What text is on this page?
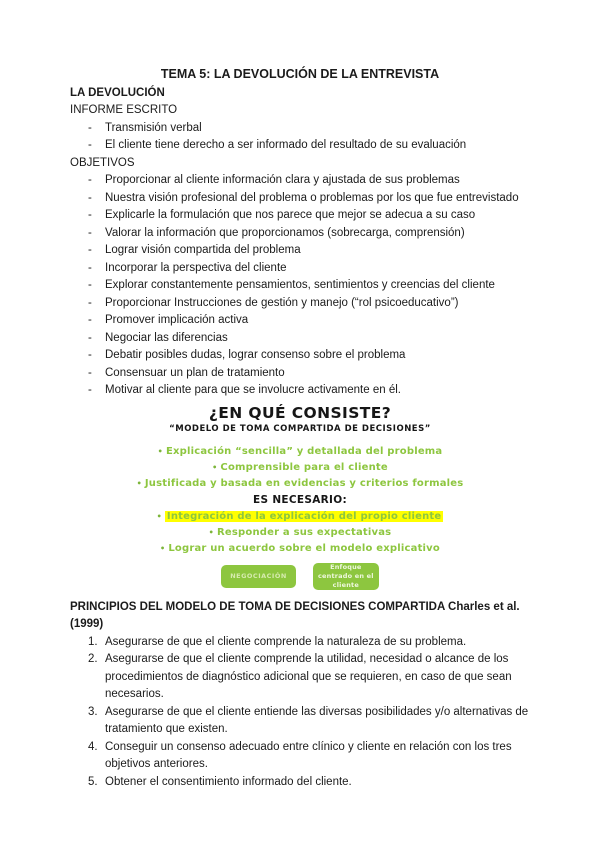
TEMA 5: LA DEVOLUCIÓN DE LA ENTREVISTA
LA DEVOLUCIÓN
INFORME ESCRITO
-	Transmisión verbal
-	El cliente tiene derecho a ser informado del resultado de su evaluación
OBJETIVOS
-	Proporcionar al cliente información clara y ajustada de sus problemas
-	Nuestra visión profesional del problema o problemas por los que fue entrevistado
-	Explicarle la formulación que nos parece que mejor se adecua a su caso
-	Valorar la información que proporcionamos (sobrecarga, comprensión)
-	Lograr visión compartida del problema
-	Incorporar la perspectiva del cliente
-	Explorar constantemente pensamientos, sentimientos y creencias del cliente
-	Proporcionar Instrucciones de gestión y manejo (“rol psicoeducativo”)
-	Promover implicación activa
-	Negociar las diferencias
-	Debatir posibles dudas, lograr consenso sobre el problema
-	Consensuar un plan de tratamiento
-	Motivar al cliente para que se involucre activamente en él.
¿EN QUÉ CONSISTE?
“MODELO DE TOMA COMPARTIDA DE DECISIONES”
• Explicación “sencilla” y detallada del problema
• Comprensible para el cliente
• Justificada y basada en evidencias y criterios formales
ES NECESARIO:
• Integración de la explicación del propio cliente
• Responder a sus expectativas
• Lograr un acuerdo sobre el modelo explicativo
NEGOCIACIÓN
Enfoque centrado en el cliente
PRINCIPIOS DEL MODELO DE TOMA DE DECISIONES COMPARTIDA Charles et al. (1999)
1. Asegurarse de que el cliente comprende la naturaleza de su problema.
2. Asegurarse de que el cliente comprende la utilidad, necesidad o alcance de los procedimientos de diagnóstico adicional que se requieren, en caso de que sean necesarios.
3. Asegurarse de que el cliente entiende las diversas posibilidades y/o alternativas de tratamiento que existen.
4. Conseguir un consenso adecuado entre clínico y cliente en relación con los tres objetivos anteriores.
5. Obtener el consentimiento informado del cliente.
